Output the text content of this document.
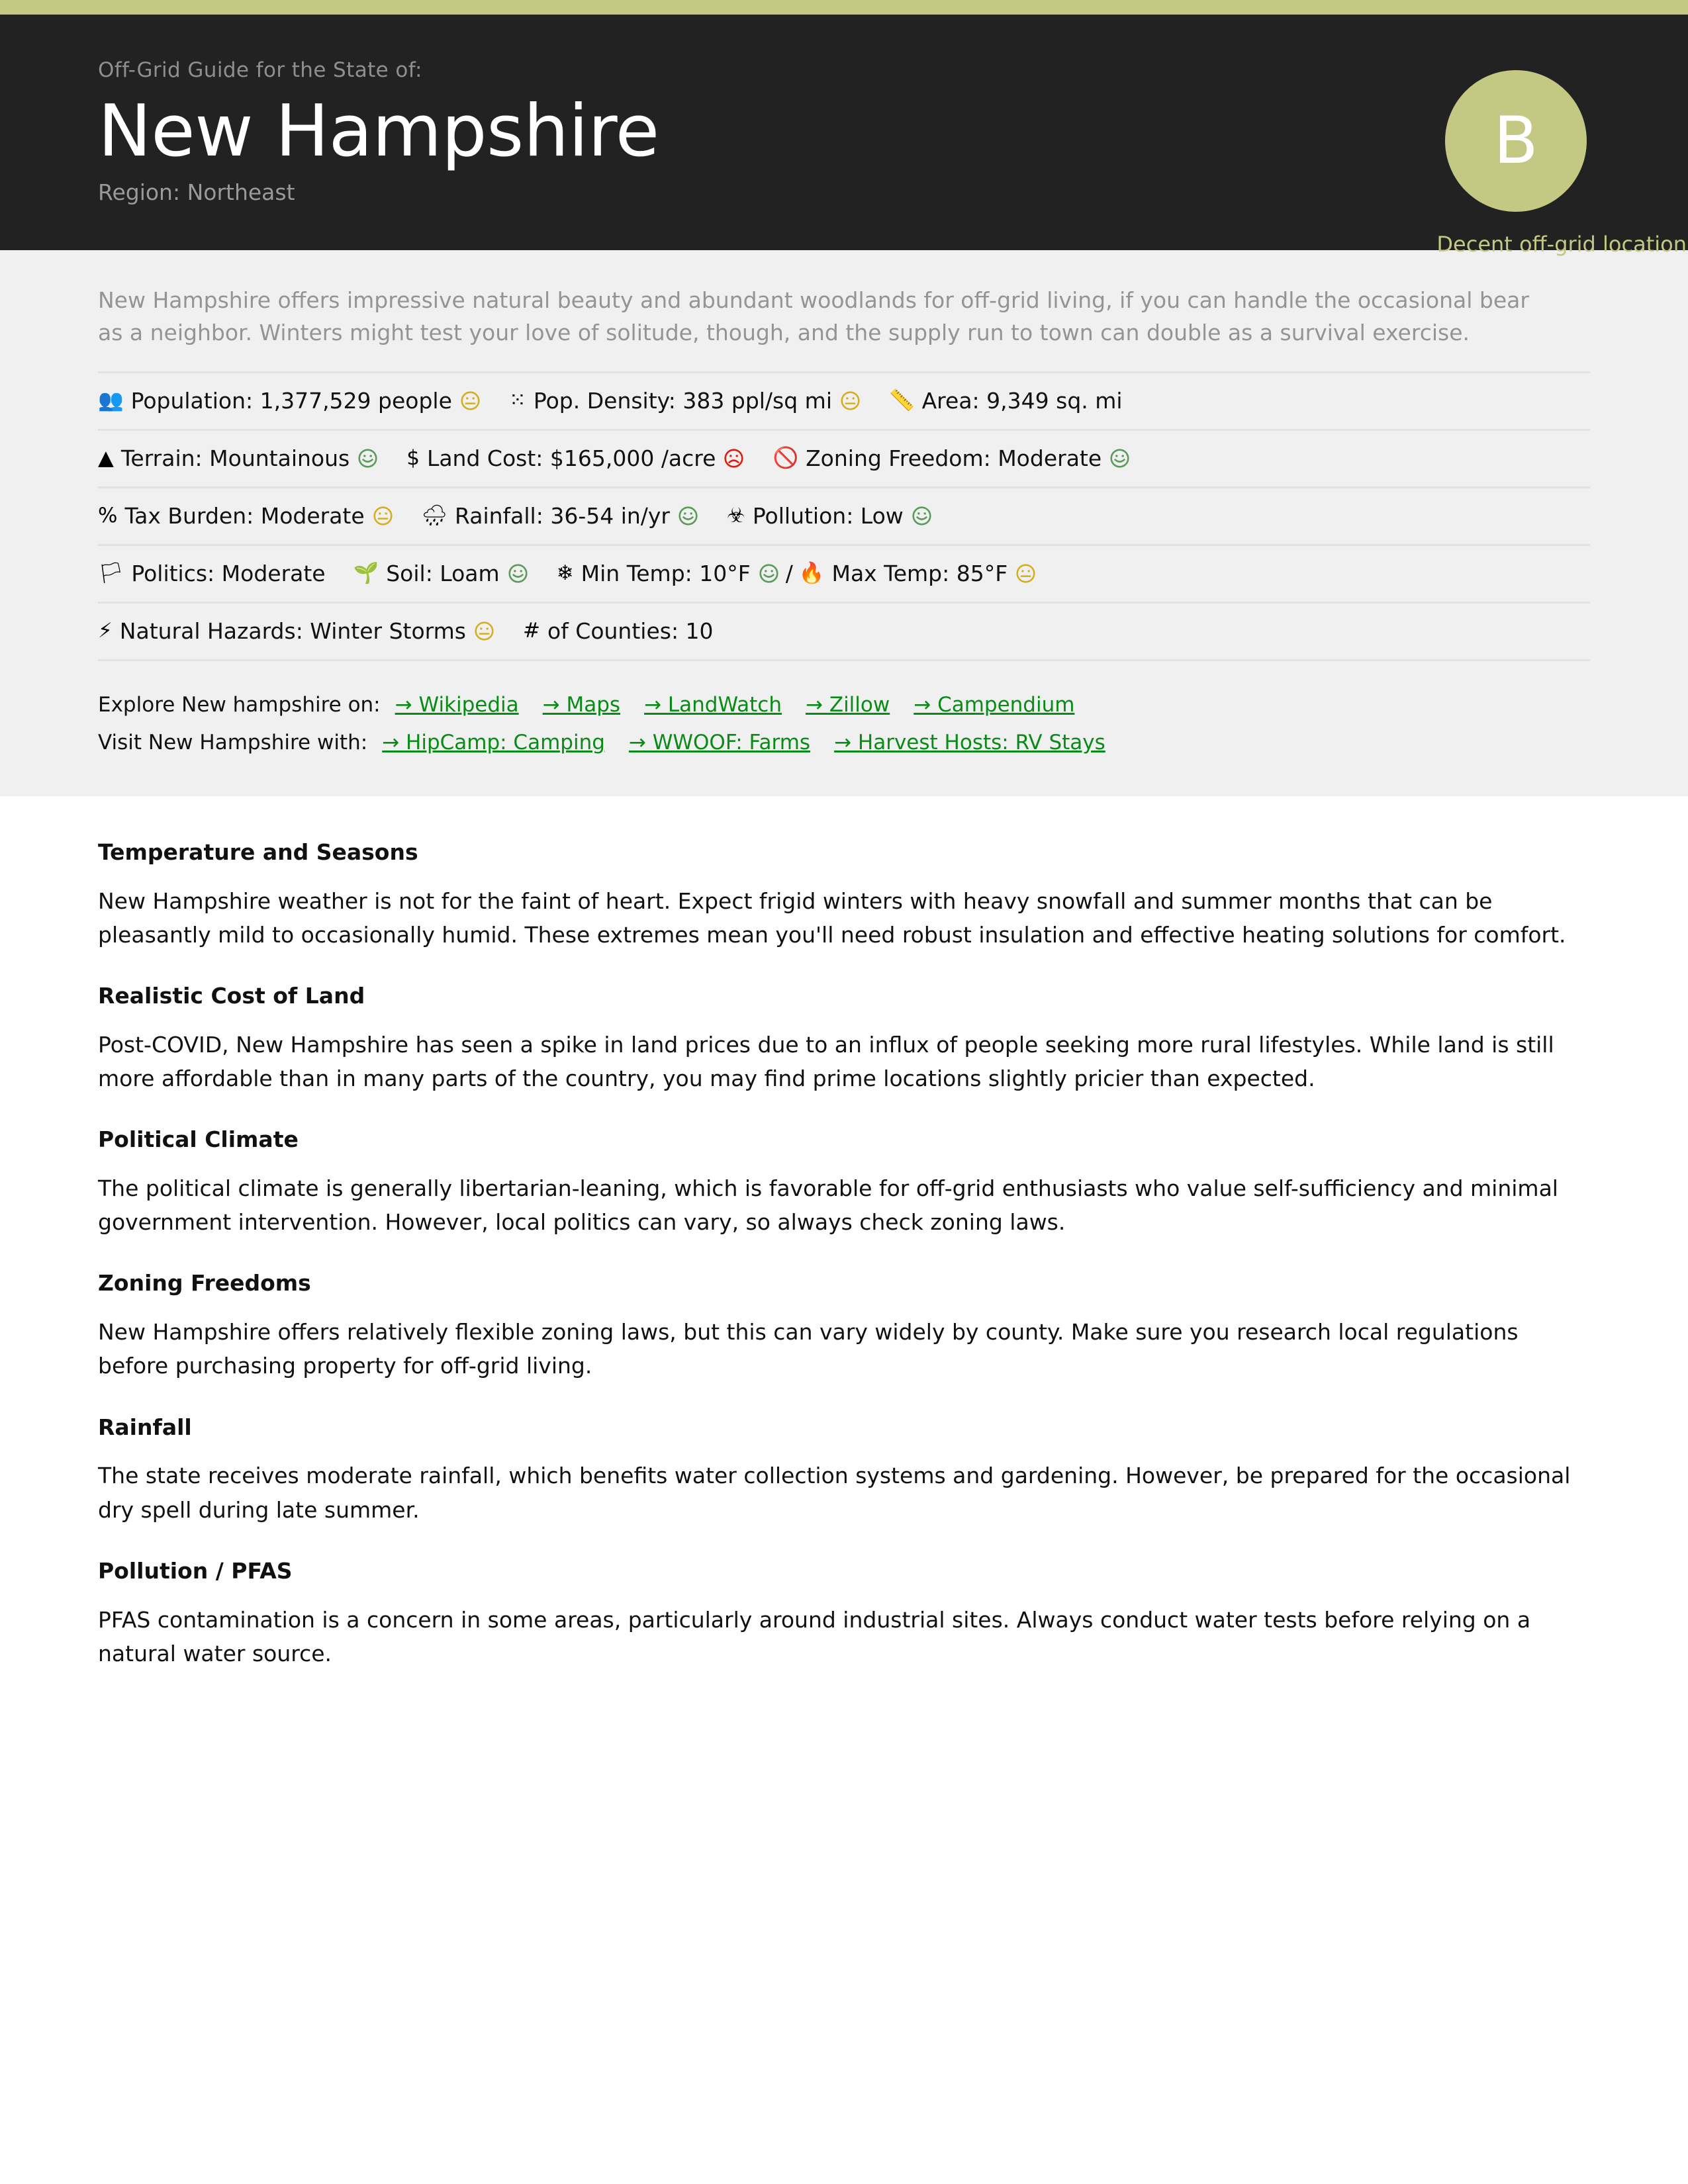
Off-Grid Guide for the State of:
New Hampshire
Region: Northeast
B
Decent off-grid location
New Hampshire offers impressive natural beauty and abundant woodlands for off-grid living, if you can handle the occasional bear as a neighbor. Winters might test your love of solitude, though, and the supply run to town can double as a survival exercise.
👥 Population: 1,377,529 people	⁙ Pop. Density: 383 ppl/sq mi	📏 Area: 9,349 sq. mi
▲ Terrain: Mountainous	$ Land Cost: $165,000 /acre	🚫 Zoning Freedom: Moderate
% Tax Burden: Moderate	🌧 Rainfall: 36-54 in/yr	☣ Pollution: Low
🏳 Politics: Moderate 🌱 Soil: Loam	❄ Min Temp: 10°F / 🔥 Max Temp: 85°F
⚡ Natural Hazards: Winter Storms	# of Counties: 10
Explore New hampshire on: → Wikipedia → Maps → LandWatch → Zillow → Campendium
Visit New Hampshire with: → HipCamp: Camping → WWOOF: Farms → Harvest Hosts: RV Stays
Temperature and Seasons
New Hampshire weather is not for the faint of heart. Expect frigid winters with heavy snowfall and summer months that can be pleasantly mild to occasionally humid. These extremes mean you'll need robust insulation and effective heating solutions for comfort.
Realistic Cost of Land
Post-COVID, New Hampshire has seen a spike in land prices due to an influx of people seeking more rural lifestyles. While land is still more affordable than in many parts of the country, you may find prime locations slightly pricier than expected.
Political Climate
The political climate is generally libertarian-leaning, which is favorable for off-grid enthusiasts who value self-sufficiency and minimal government intervention. However, local politics can vary, so always check zoning laws.
Zoning Freedoms
New Hampshire offers relatively flexible zoning laws, but this can vary widely by county. Make sure you research local regulations before purchasing property for off-grid living.
Rainfall
The state receives moderate rainfall, which benefits water collection systems and gardening. However, be prepared for the occasional dry spell during late summer.
Pollution / PFAS
PFAS contamination is a concern in some areas, particularly around industrial sites. Always conduct water tests before relying on a natural water source.
